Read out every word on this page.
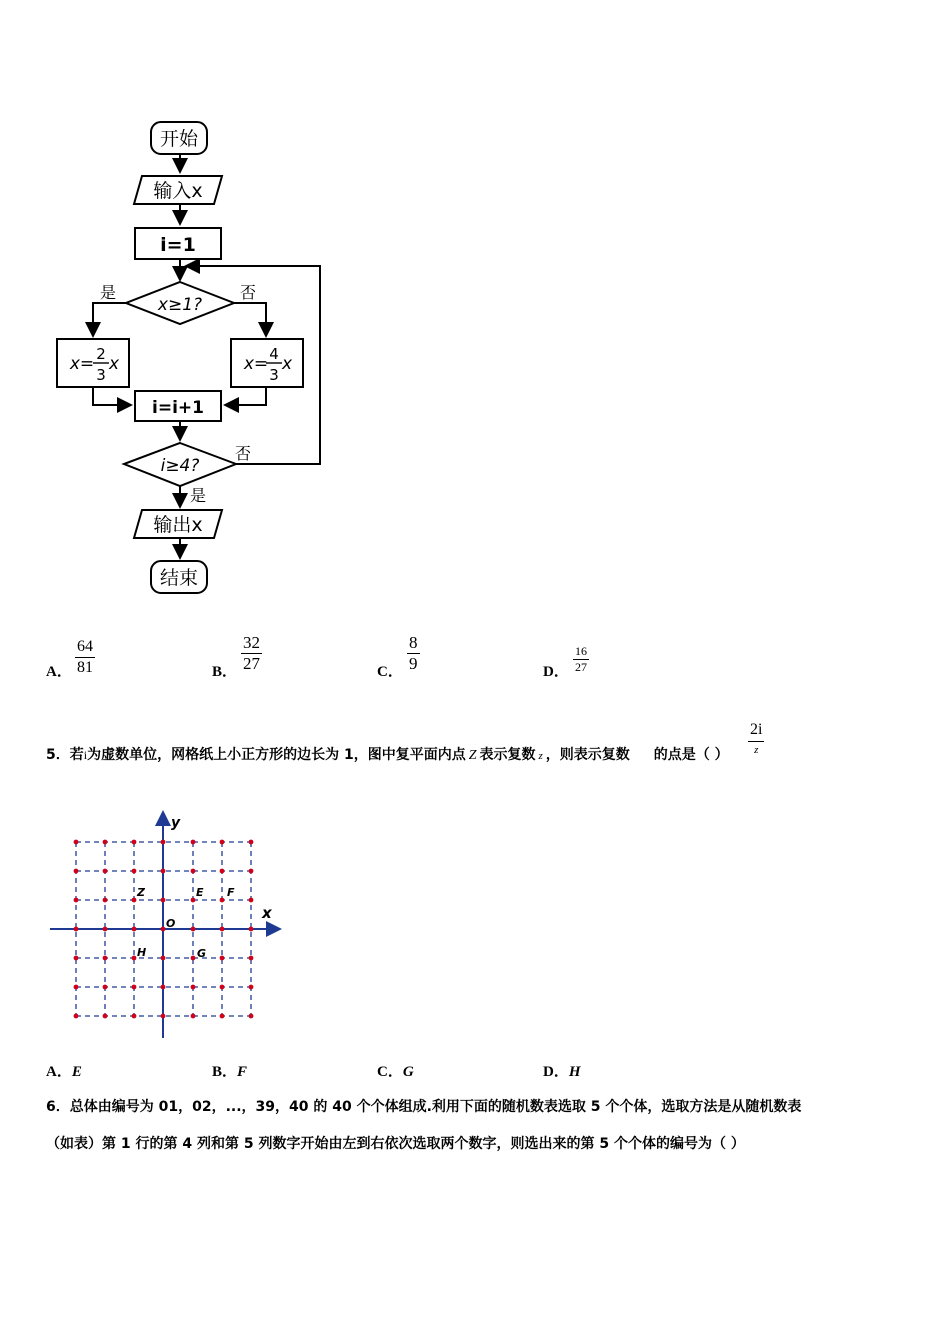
开始
输入x
i=1
x≥1?
是	否
x= 2
3
x	x= 4
3
x
i=i+1
i≥4?
否
是
输出x
结束
A． $\frac{64}{81}$	B． $\frac{32}{27}$	C． $\frac{8}{9}$	D． $\frac{16}{27}$
5．若i为虚数单位，网格纸上小正方形的边长为 1，图中复平面内点 Z 表示复数 z ，则表示复数 的点是（ ）
2i
z
y
x
O
Z	E F
H	G
A．E	B．F	C．G	D．H
6．总体由编号为 01，02，...，39，40 的 40 个个体组成.利用下面的随机数表选取 5 个个体，选取方法是从随机数表
（如表）第 1 行的第 4 列和第 5 列数字开始由左到右依次选取两个数字，则选出来的第 5 个个体的编号为（ ）
